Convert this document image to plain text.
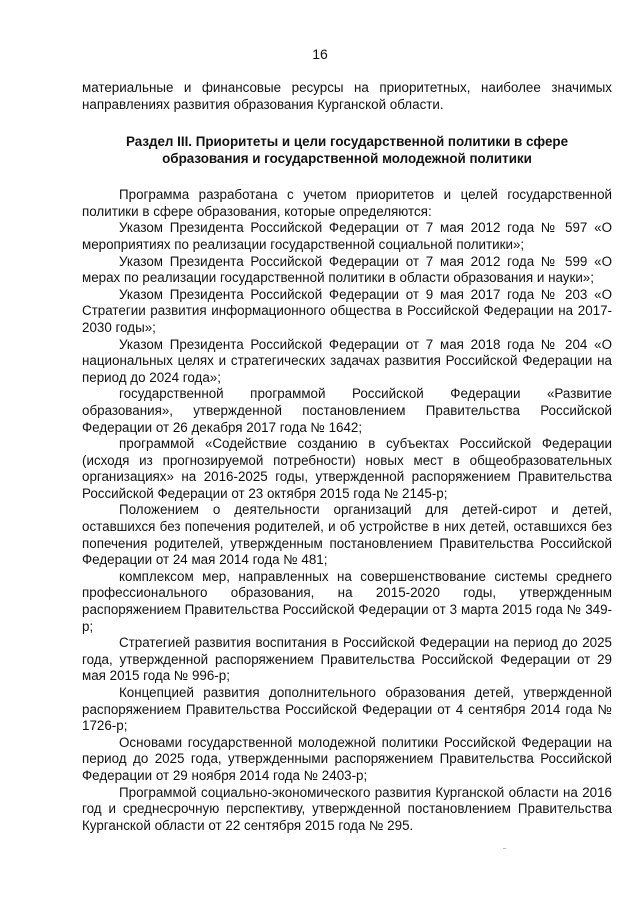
16

материальные и финансовые ресурсы на приоритетных, наиболее значимых направлениях развития образования Курганской области.

Раздел III. Приоритеты и цели государственной политики в сфере
образования и государственной молодежной политики

Программа разработана с учетом приоритетов и целей государственной политики в сфере образования, которые определяются:

Указом Президента Российской Федерации от 7 мая 2012 года № 597 «О мероприятиях по реализации государственной социальной политики»;

Указом Президента Российской Федерации от 7 мая 2012 года № 599 «О мерах по реализации государственной политики в области образования и науки»;

Указом Президента Российской Федерации от 9 мая 2017 года № 203 «О Стратегии развития информационного общества в Российской Федерации на 2017-2030 годы»;

Указом Президента Российской Федерации от 7 мая 2018 года № 204 «О национальных целях и стратегических задачах развития Российской Федерации на период до 2024 года»;

государственной программой Российской Федерации «Развитие образования», утвержденной постановлением Правительства Российской Федерации от 26 декабря 2017 года № 1642;

программой «Содействие созданию в субъектах Российской Федерации (исходя из прогнозируемой потребности) новых мест в общеобразовательных организациях» на 2016-2025 годы, утвержденной распоряжением Правительства Российской Федерации от 23 октября 2015 года № 2145-р;

Положением о деятельности организаций для детей-сирот и детей, оставшихся без попечения родителей, и об устройстве в них детей, оставшихся без попечения родителей, утвержденным постановлением Правительства Российской Федерации от 24 мая 2014 года № 481;

комплексом мер, направленных на совершенствование системы среднего профессионального образования, на 2015-2020 годы, утвержденным распоряжением Правительства Российской Федерации от 3 марта 2015 года № 349-р;

Стратегией развития воспитания в Российской Федерации на период до 2025 года, утвержденной распоряжением Правительства Российской Федерации от 29 мая 2015 года № 996-р;

Концепцией развития дополнительного образования детей, утвержденной распоряжением Правительства Российской Федерации от 4 сентября 2014 года № 1726-р;

Основами государственной молодежной политики Российской Федерации на период до 2025 года, утвержденными распоряжением Правительства Российской Федерации от 29 ноября 2014 года № 2403-р;

Программой социально-экономического развития Курганской области на 2016 год и среднесрочную перспективу, утвержденной постановлением Правительства Курганской области от 22 сентября 2015 года № 295.
